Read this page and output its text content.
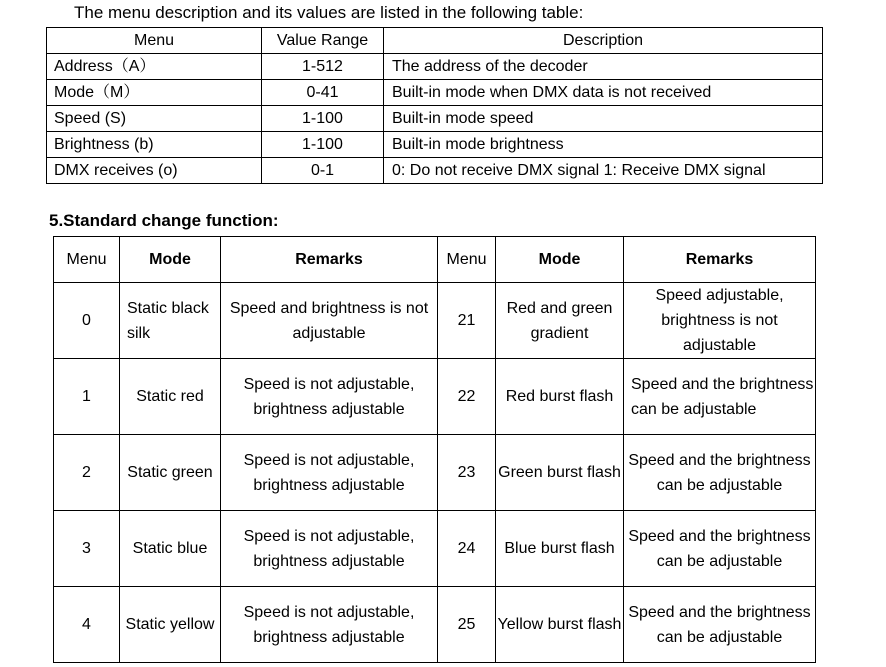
The menu description and its values are listed in the following table:
Menu	Value Range	Description
Address（A）	1-512	The address of the decoder
Mode（M）	0-41	Built-in mode when DMX data is not received
Speed (S)	1-100	Built-in mode speed
Brightness (b)	1-100	Built-in mode brightness
DMX receives (o)	0-1	0: Do not receive DMX signal 1: Receive DMX signal
5.Standard change function:
Menu	Mode	Remarks	Menu	Mode	Remarks
0	Static black silk	Speed and brightness is not adjustable	21	Red and green gradient	Speed adjustable, brightness is not adjustable
1	Static red	Speed is not adjustable, brightness adjustable	22	Red burst flash	Speed and the brightness can be adjustable
2	Static green	Speed is not adjustable, brightness adjustable	23	Green burst flash	Speed and the brightness can be adjustable
3	Static blue	Speed is not adjustable, brightness adjustable	24	Blue burst flash	Speed and the brightness can be adjustable
4	Static yellow	Speed is not adjustable, brightness adjustable	25	Yellow burst flash	Speed and the brightness can be adjustable
